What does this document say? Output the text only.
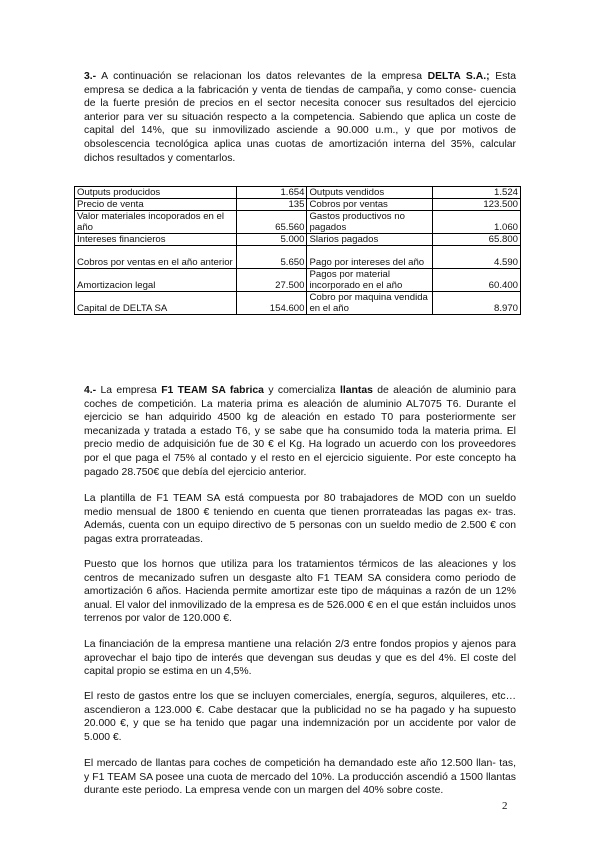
3.- A continuación se relacionan los datos relevantes de la empresa DELTA S.A.; Esta empresa se dedica a la fabricación y venta de tiendas de campaña, y como conse- cuencia de la fuerte presión de precios en el sector necesita conocer sus resultados del ejercicio anterior para ver su situación respecto a la competencia. Sabiendo que aplica un coste de capital del 14%, que su inmovilizado asciende a 90.000 u.m., y que por motivos de obsolescencia tecnológica aplica unas cuotas de amortización interna del 35%, calcular dichos resultados y comentarlos.

Outputs producidos	1.654	Outputs vendidos	1.524
Precio de venta	135	Cobros por ventas	123.500
Valor materiales incoporados en el año	65.560	Gastos productivos no pagados	1.060
Intereses financieros	5.000	Slarios pagados	65.800
Cobros por ventas en el año anterior	5.650	Pago por intereses del año	4.590
Amortizacion legal	27.500	Pagos por material incorporado en el año	60.400
Capital de DELTA SA	154.600	Cobro por maquina vendida en el año	8.970

4.- La empresa F1 TEAM SA fabrica y comercializa llantas de aleación de aluminio para coches de competición. La materia prima es aleación de aluminio AL7075 T6. Durante el ejercicio se han adquirido 4500 kg de aleación en estado T0 para posteriormente ser mecanizada y tratada a estado T6, y se sabe que ha consumido toda la materia prima. El precio medio de adquisición fue de 30 € el Kg. Ha logrado un acuerdo con los proveedores por el que paga el 75% al contado y el resto en el ejercicio siguiente. Por este concepto ha pagado 28.750€ que debía del ejercicio anterior.

La plantilla de F1 TEAM SA está compuesta por 80 trabajadores de MOD con un sueldo medio mensual de 1800 € teniendo en cuenta que tienen prorrateadas las pagas ex- tras. Además, cuenta con un equipo directivo de 5 personas con un sueldo medio de 2.500 € con pagas extra prorrateadas.

Puesto que los hornos que utiliza para los tratamientos térmicos de las aleaciones y los centros de mecanizado sufren un desgaste alto F1 TEAM SA considera como periodo de amortización 6 años. Hacienda permite amortizar este tipo de máquinas a razón de un 12% anual. El valor del inmovilizado de la empresa es de 526.000 € en el que están incluidos unos terrenos por valor de 120.000 €.

La financiación de la empresa mantiene una relación 2/3 entre fondos propios y ajenos para aprovechar el bajo tipo de interés que devengan sus deudas y que es del 4%. El coste del capital propio se estima en un 4,5%.

El resto de gastos entre los que se incluyen comerciales, energía, seguros, alquileres, etc… ascendieron a 123.000 €. Cabe destacar que la publicidad no se ha pagado y ha supuesto 20.000 €, y que se ha tenido que pagar una indemnización por un accidente por valor de 5.000 €.

El mercado de llantas para coches de competición ha demandado este año 12.500 llan- tas, y F1 TEAM SA posee una cuota de mercado del 10%. La producción ascendió a 1500 llantas durante este periodo. La empresa vende con un margen del 40% sobre coste.

2
